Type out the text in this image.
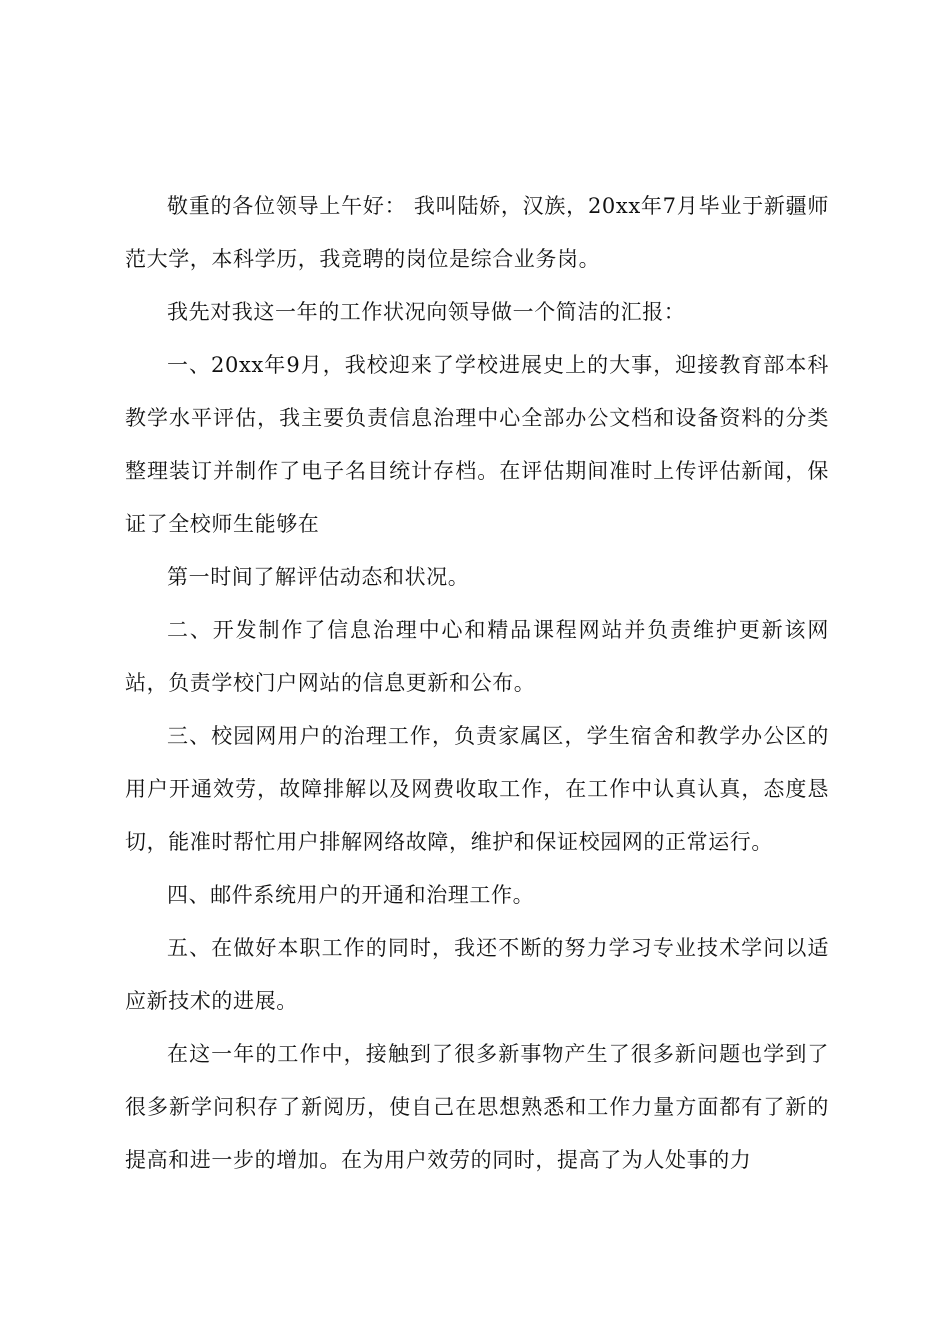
敬重的各位领导上午好： 我叫陆娇，汉族，20xx年7月毕业于新疆师范大学，本科学历，我竞聘的岗位是综合业务岗。

我先对我这一年的工作状况向领导做一个简洁的汇报：

一、20xx年9月，我校迎来了学校进展史上的大事，迎接教育部本科教学水平评估，我主要负责信息治理中心全部办公文档和设备资料的分类整理装订并制作了电子名目统计存档。在评估期间准时上传评估新闻，保证了全校师生能够在

第一时间了解评估动态和状况。

二、开发制作了信息治理中心和精品课程网站并负责维护更新该网站，负责学校门户网站的信息更新和公布。

三、校园网用户的治理工作，负责家属区，学生宿舍和教学办公区的用户开通效劳，故障排解以及网费收取工作，在工作中认真认真，态度恳切，能准时帮忙用户排解网络故障，维护和保证校园网的正常运行。

四、邮件系统用户的开通和治理工作。

五、在做好本职工作的同时，我还不断的努力学习专业技术学问以适应新技术的进展。

在这一年的工作中，接触到了很多新事物产生了很多新问题也学到了很多新学问积存了新阅历，使自己在思想熟悉和工作力量方面都有了新的提高和进一步的增加。在为用户效劳的同时，提高了为人处事的力
